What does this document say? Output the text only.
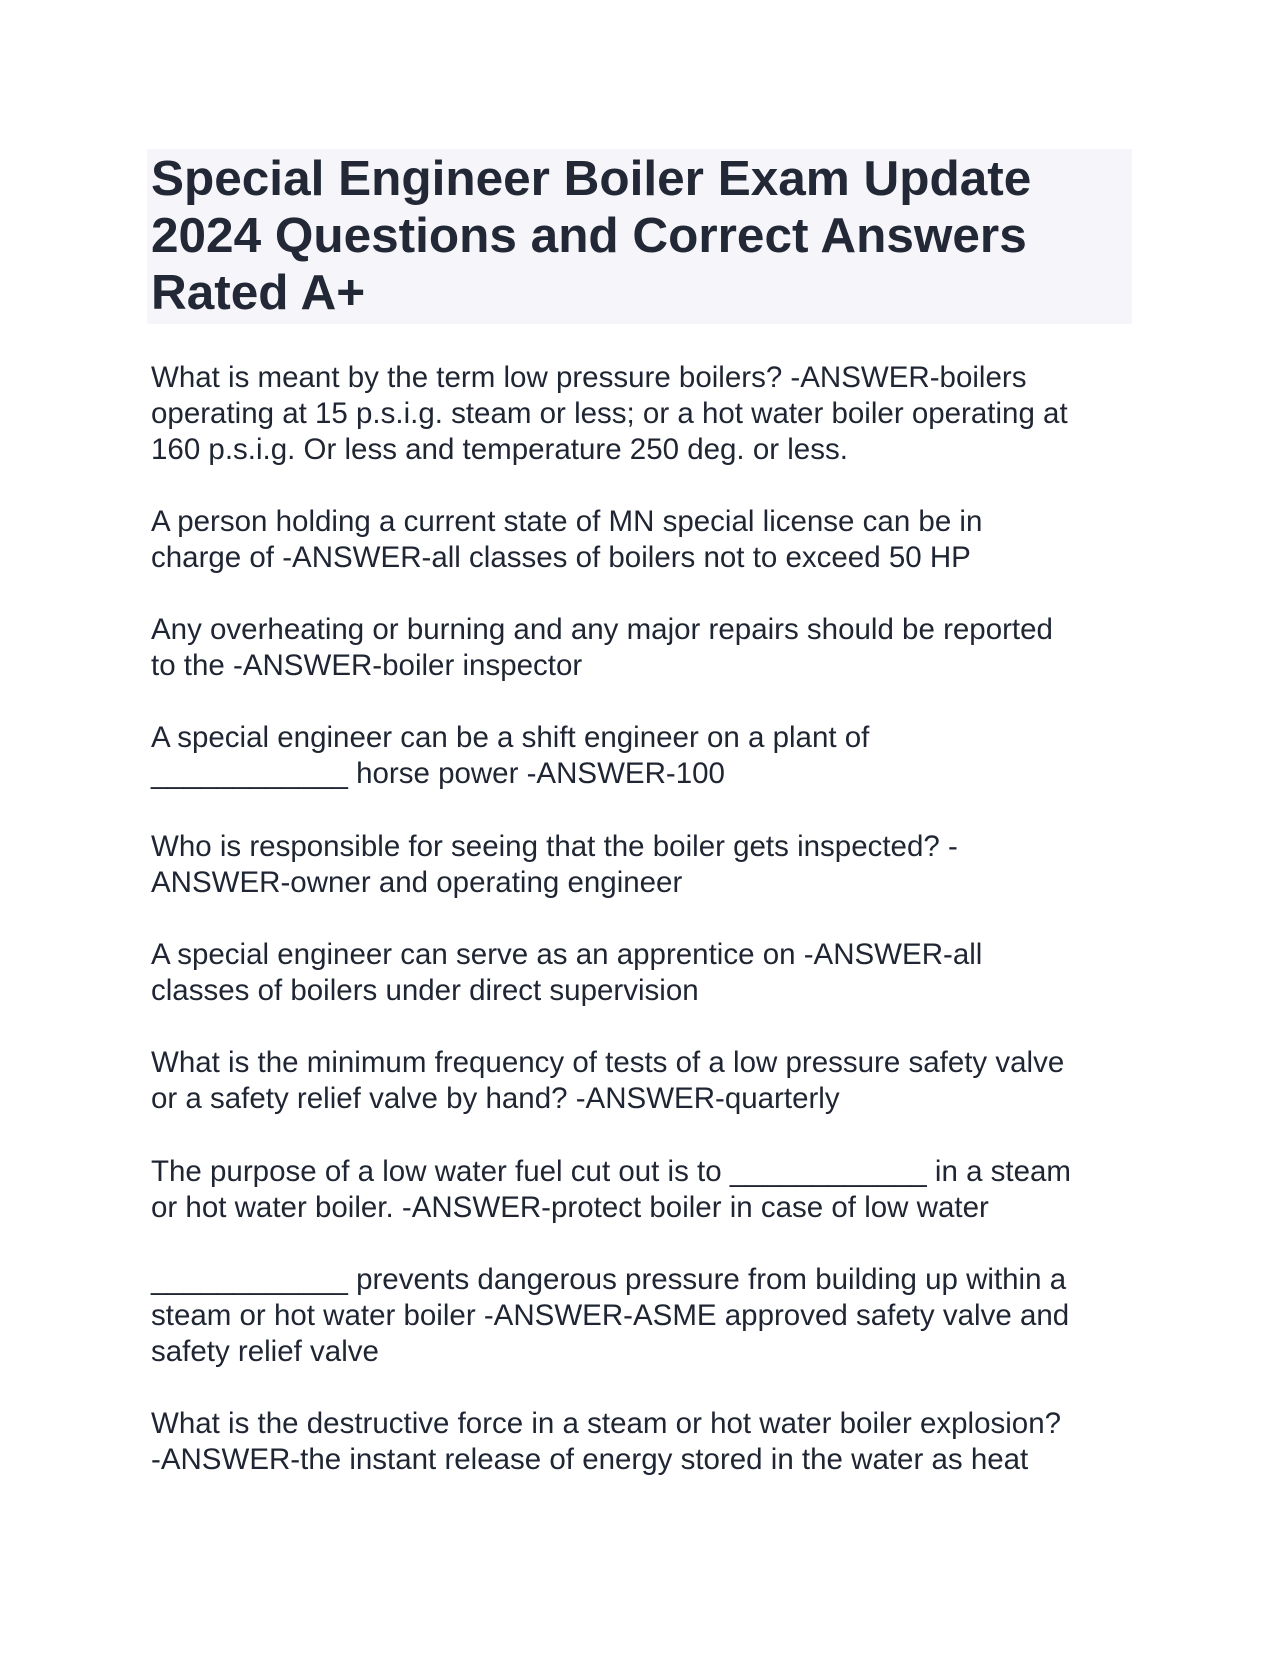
Special Engineer Boiler Exam Update
2024 Questions and Correct Answers
Rated A+

What is meant by the term low pressure boilers? -ANSWER-boilers
operating at 15 p.s.i.g. steam or less; or a hot water boiler operating at
160 p.s.i.g. Or less and temperature 250 deg. or less.

A person holding a current state of MN special license can be in
charge of -ANSWER-all classes of boilers not to exceed 50 HP

Any overheating or burning and any major repairs should be reported
to the -ANSWER-boiler inspector

A special engineer can be a shift engineer on a plant of
____________ horse power -ANSWER-100

Who is responsible for seeing that the boiler gets inspected? -
ANSWER-owner and operating engineer

A special engineer can serve as an apprentice on -ANSWER-all
classes of boilers under direct supervision

What is the minimum frequency of tests of a low pressure safety valve
or a safety relief valve by hand? -ANSWER-quarterly

The purpose of a low water fuel cut out is to ____________ in a steam
or hot water boiler. -ANSWER-protect boiler in case of low water

____________ prevents dangerous pressure from building up within a
steam or hot water boiler -ANSWER-ASME approved safety valve and
safety relief valve

What is the destructive force in a steam or hot water boiler explosion?
-ANSWER-the instant release of energy stored in the water as heat
